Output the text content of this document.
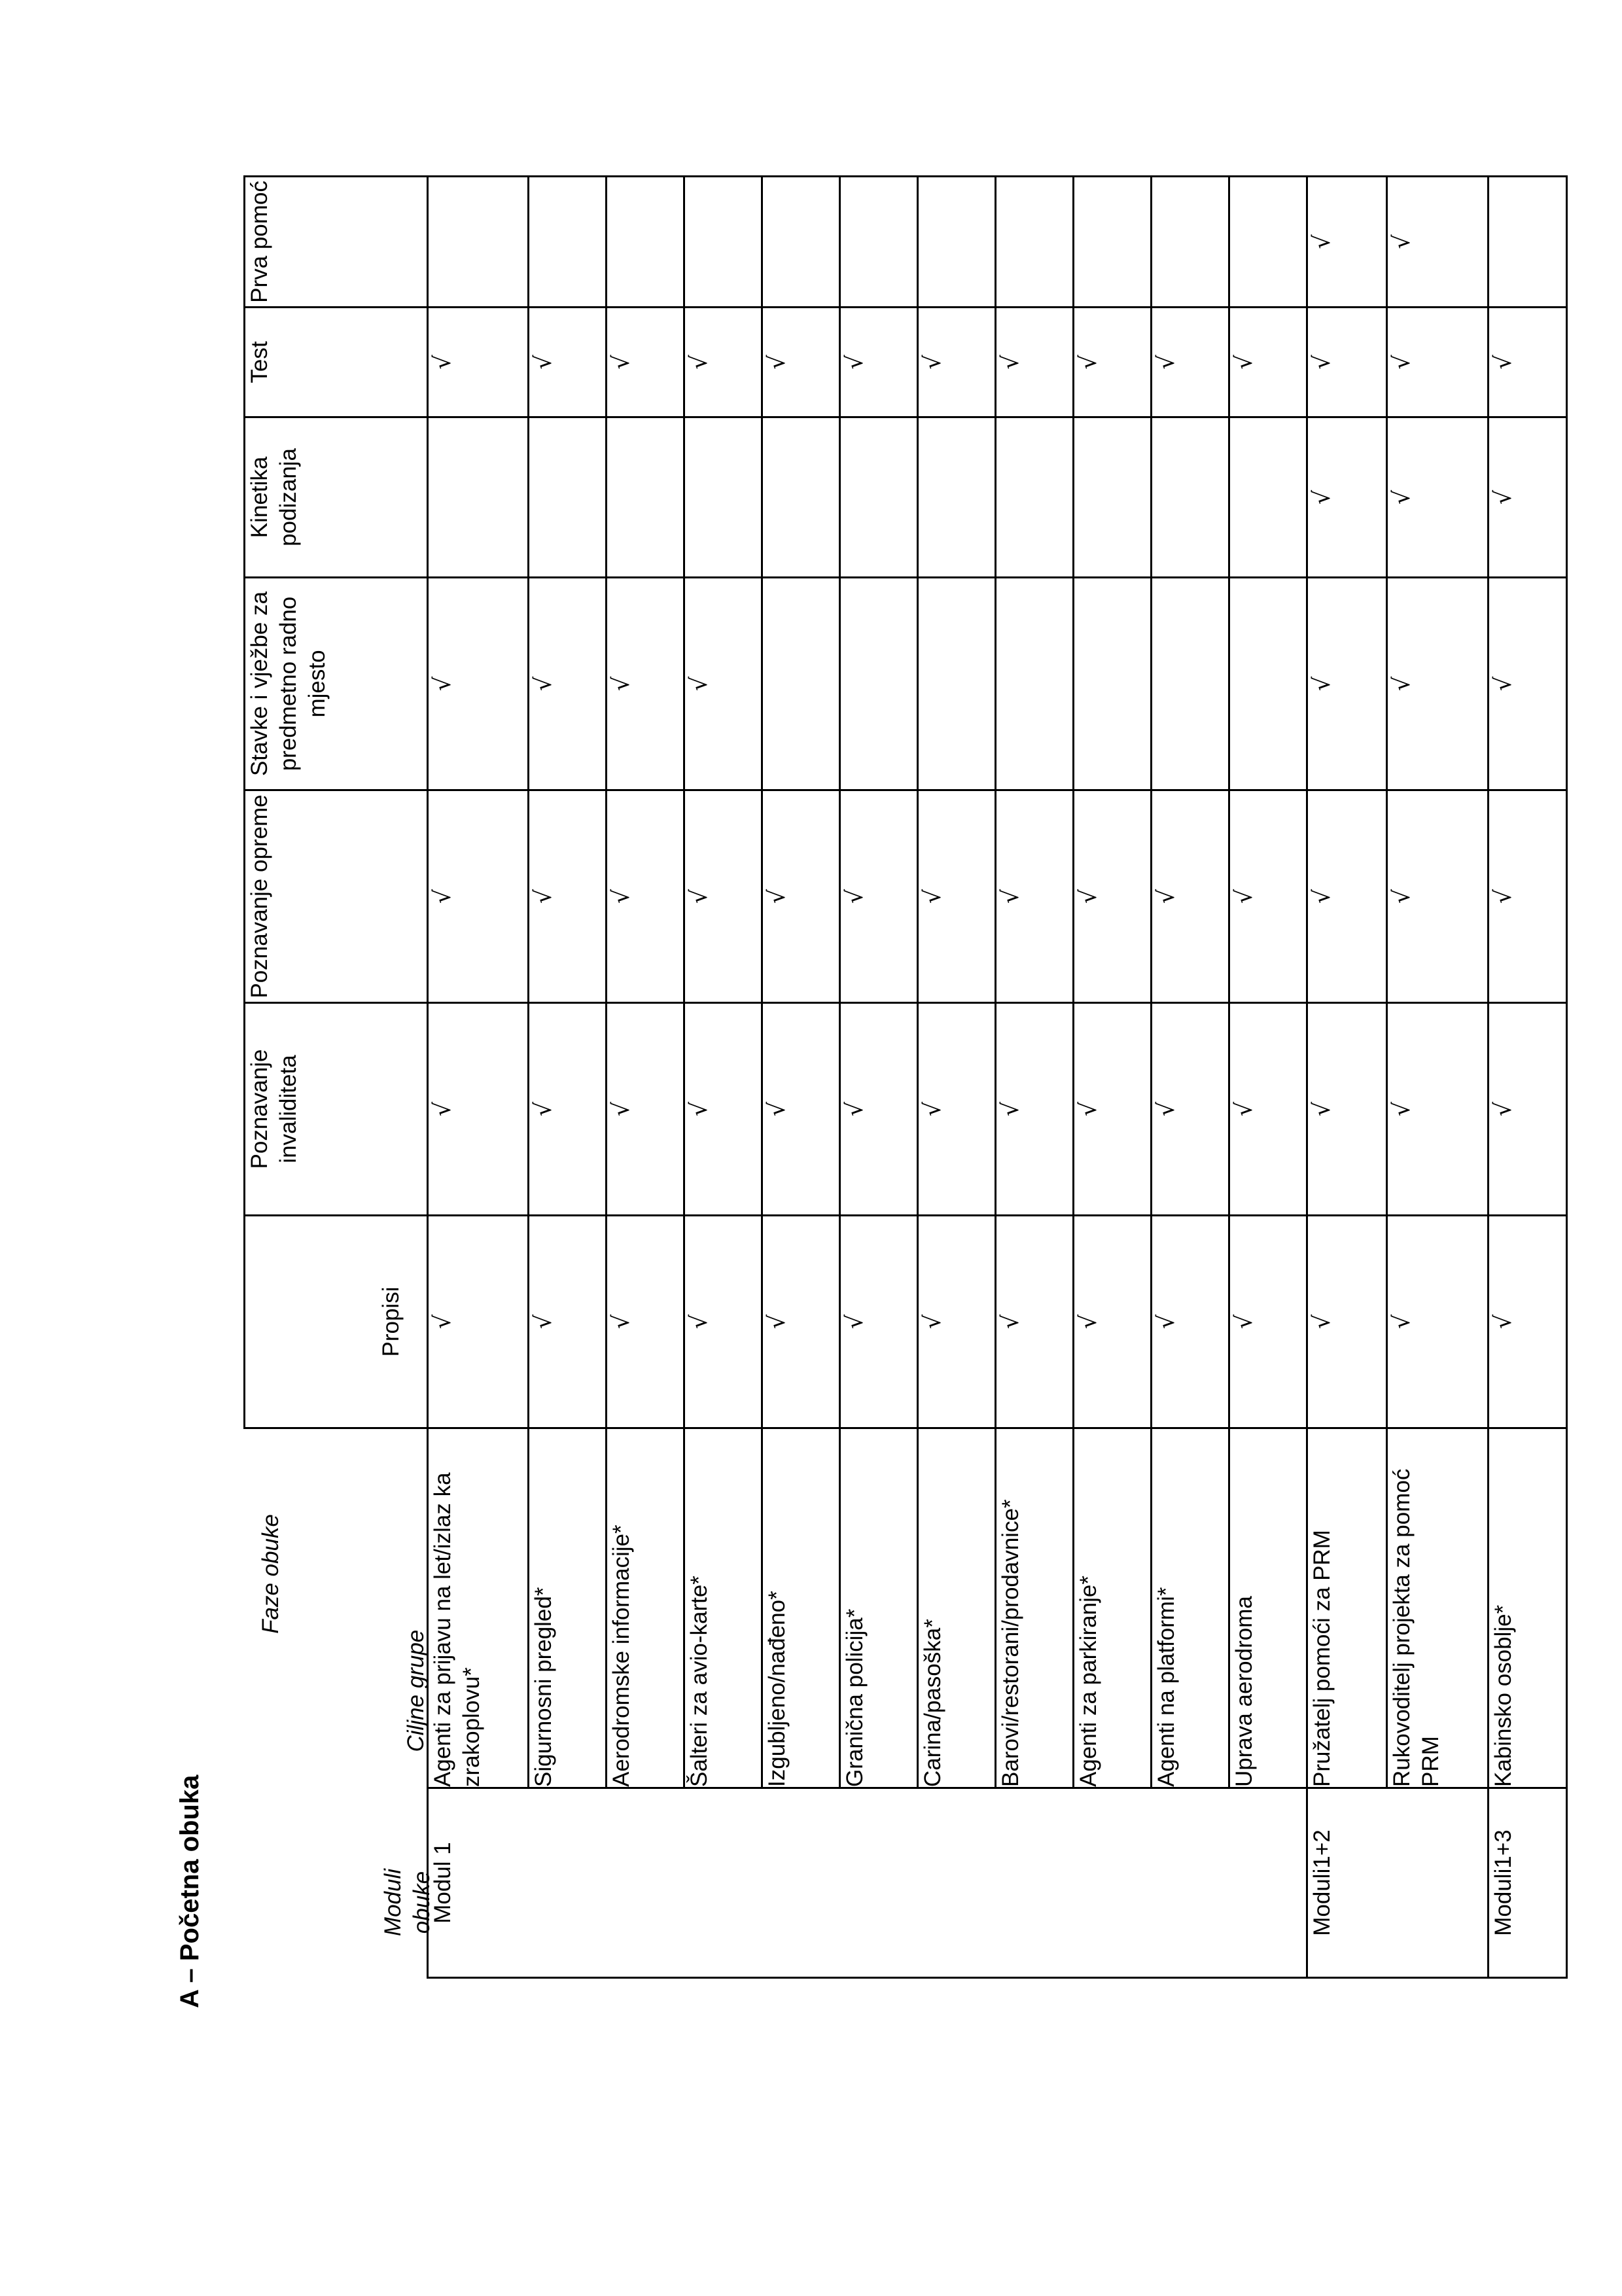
A – Početna obuka
Faze obuke
Moduli obuke
Ciljne grupe		Propisi	Poznavanje invaliditeta	Poznavanje opreme	Stavke i vježbe za predmetno radno mjesto	Kinetika podizanja	Test	Prva pomoć
Modul 1	Agenti za prijavu na let/izlaz ka zrakoplovu*	√	√	√	√		√	
	Sigurnosni pregled*	√	√	√	√		√	
	Aerodromske informacije*	√	√	√	√		√	
	Šalteri za avio-karte*	√	√	√	√		√	
	Izgubljeno/nađeno*	√	√	√			√	
	Granična policija*	√	√	√			√	
	Carina/pasoška*	√	√	√			√	
	Barovi/restorani/prodavnice*	√	√	√			√	
	Agenti za parkiranje*	√	√	√			√	
	Agenti na platformi*	√	√	√			√	
	Uprava aerodroma	√	√	√			√	
Moduli1+2	Pružatelj pomoći za PRM	√	√	√	√	√	√	√
	Rukovoditelj projekta za pomoć PRM	√	√	√	√	√	√	√
Moduli1+3	Kabinsko osoblje*	√	√	√	√	√	√	
